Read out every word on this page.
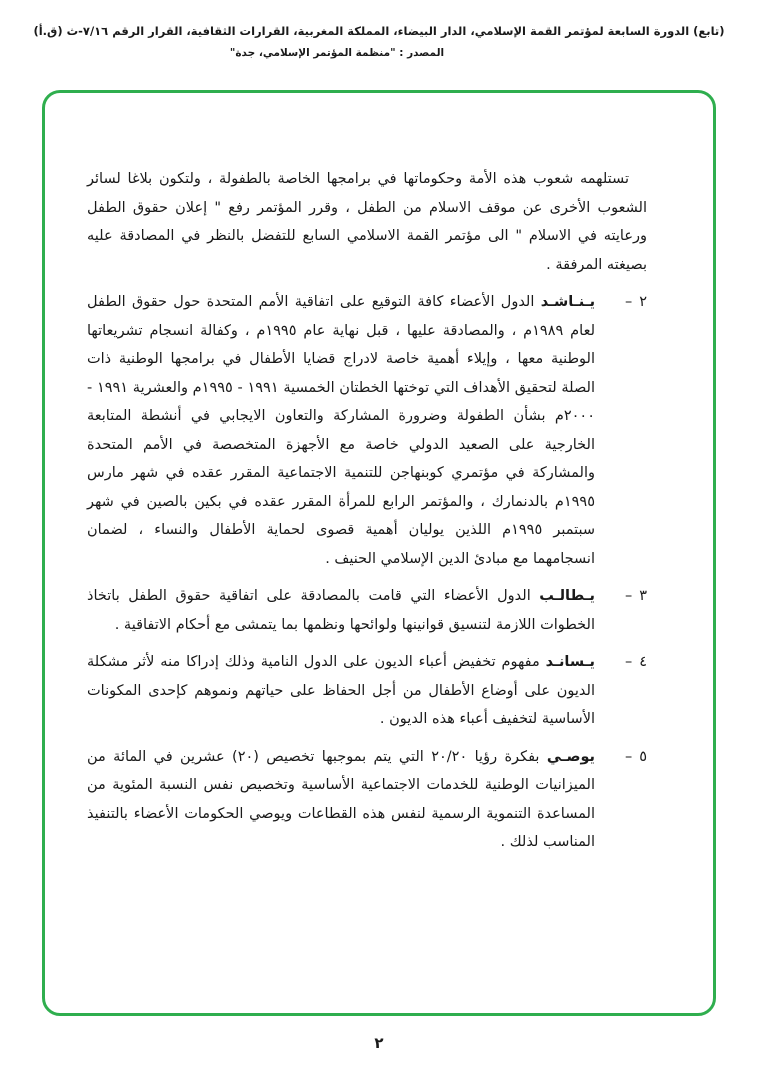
(تابع) الدورة السابعة لمؤتمر القمة الإسلامي، الدار البيضاء، المملكة المغربية، القرارات الثقافية، القرار الرقم ٧/١٦-ث (ق.أ)
المصدر : "منظمة المؤتمر الإسلامي، جدة"

تستلهمه شعوب هذه الأمة وحكوماتها في برامجها الخاصة بالطفولة ، ولتكون بلاغا لسائر الشعوب الأخرى عن موقف الاسلام من الطفل ، وقرر المؤتمر رفع " إعلان حقوق الطفل ورعايته في الاسلام " الى مؤتمر القمة الاسلامي السابع للتفضل بالنظر في المصادقة عليه بصيغته المرفقة .

٢
–

يـنـاشـد الدول الأعضاء كافة التوقيع على اتفاقية الأمم المتحدة حول حقوق الطفل لعام ١٩٨٩م ، والمصادقة عليها ، قبل نهاية عام ١٩٩٥م ، وكفالة انسجام تشريعاتها الوطنية معها ، وإيلاء أهمية خاصة لادراج قضايا الأطفال في برامجها الوطنية ذات الصلة لتحقيق الأهداف التي توختها الخطتان الخمسية ١٩٩١ - ١٩٩٥م والعشرية ١٩٩١ - ٢٠٠٠م بشأن الطفولة وضرورة المشاركة والتعاون الايجابي في أنشطة المتابعة الخارجية على الصعيد الدولي خاصة مع الأجهزة المتخصصة في الأمم المتحدة والمشاركة في مؤتمري كوبنهاجن للتنمية الاجتماعية المقرر عقده في شهر مارس ١٩٩٥م بالدنمارك ، والمؤتمر الرابع للمرأة المقرر عقده في بكين بالصين في شهر سبتمبر ١٩٩٥م اللذين يوليان أهمية قصوى لحماية الأطفال والنساء ، لضمان انسجامهما مع مبادئ الدين الإسلامي الحنيف .

٣
–

يـطالـب الدول الأعضاء التي قامت بالمصادقة على اتفاقية حقوق الطفل باتخاذ الخطوات اللازمة لتنسيق قوانينها ولوائحها ونظمها بما يتمشى مع أحكام الاتفاقية .

٤
–

يـسانـد مفهوم تخفيض أعباء الديون على الدول النامية وذلك إدراكا منه لأثر مشكلة الديون على أوضاع الأطفال من أجل الحفاظ على حياتهم ونموهم كإحدى المكونات الأساسية لتخفيف أعباء هذه الديون .

٥
–

يوصـي بفكرة رؤيا ٢٠/٢٠ التي يتم بموجبها تخصيص (٢٠) عشرين في المائة من الميزانيات الوطنية للخدمات الاجتماعية الأساسية وتخصيص نفس النسبة المئوية من المساعدة التنموية الرسمية لنفس هذه القطاعات ويوصي الحكومات الأعضاء بالتنفيذ المناسب لذلك .

٢
